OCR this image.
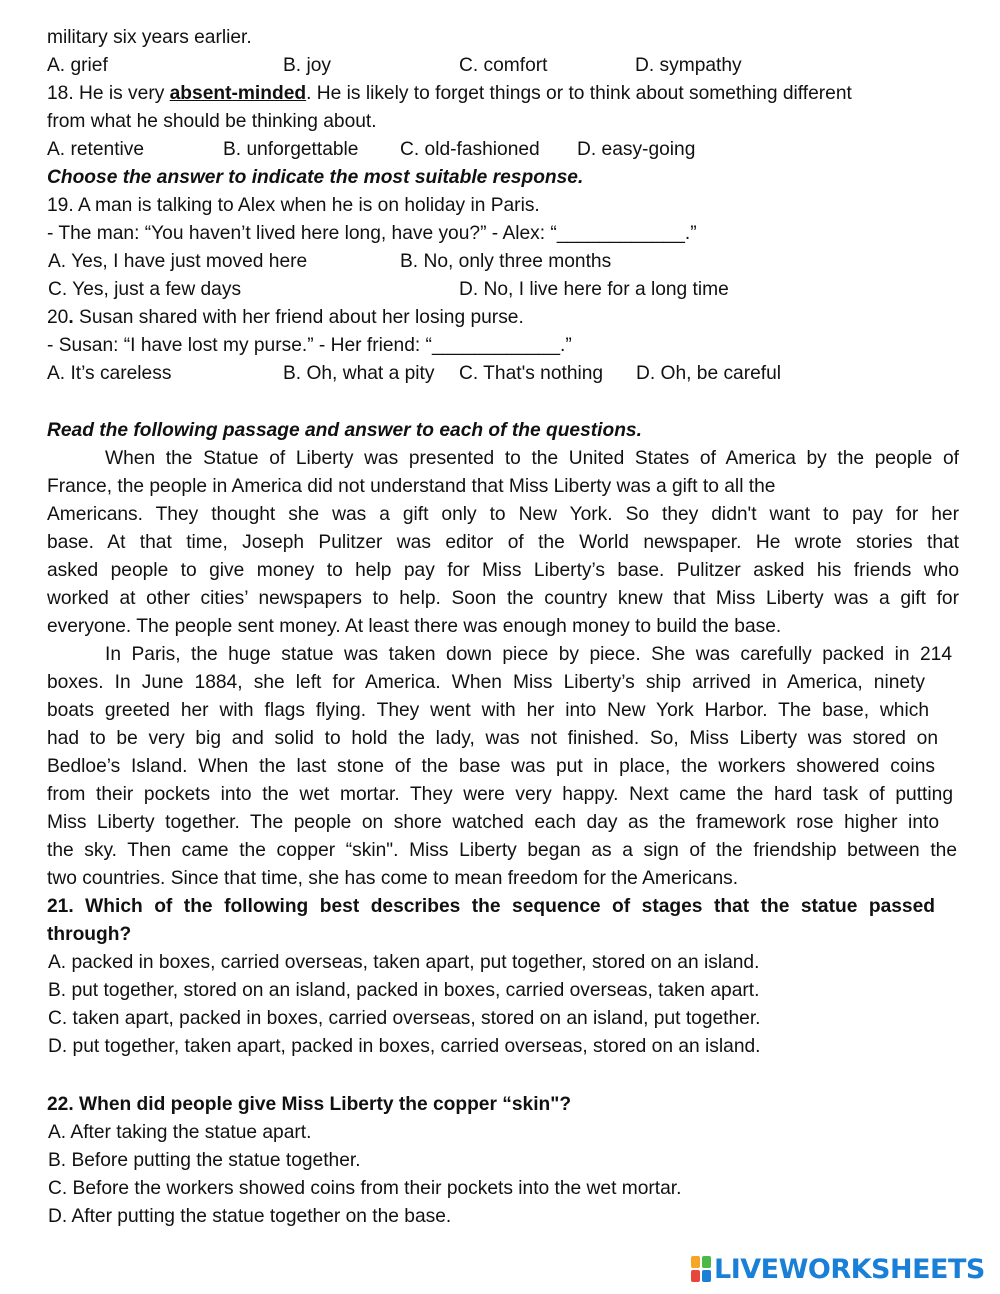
military six years earlier.
A. grief	B. joy	C. comfort	D. sympathy
18. He is very absent-minded. He is likely to forget things or to think about something different
from what he should be thinking about.
A. retentive	B. unforgettable C. old-fashioned D. easy-going
Choose the answer to indicate the most suitable response.
19. A man is talking to Alex when he is on holiday in Paris.
- The man: “You haven’t lived here long, have you?” - Alex: “____________.”
A. Yes, I have just moved here	B. No, only three months
C. Yes, just a few days	D. No, I live here for a long time
20. Susan shared with her friend about her losing purse.
- Susan: “I have lost my purse.” - Her friend: “____________.”
A. It’s careless	B. Oh, what a pity C. That's nothing D. Oh, be careful
Read the following passage and answer to each of the questions.
When the Statue of Liberty was presented to the United States of America by the people of
France, the people in America did not understand that Miss Liberty was a gift to all the
Americans. They thought she was a gift only to New York. So they didn't want to pay for her
base. At that time, Joseph Pulitzer was editor of the World newspaper. He wrote stories that
asked people to give money to help pay for Miss Liberty’s base. Pulitzer asked his friends who
worked at other cities’ newspapers to help. Soon the country knew that Miss Liberty was a gift for
everyone. The people sent money. At least there was enough money to build the base.
In Paris, the huge statue was taken down piece by piece. She was carefully packed in 214
boxes. In June 1884, she left for America. When Miss Liberty’s ship arrived in America, ninety
boats greeted her with flags flying. They went with her into New York Harbor. The base, which
had to be very big and solid to hold the lady, was not finished. So, Miss Liberty was stored on
Bedloe’s Island. When the last stone of the base was put in place, the workers showered coins
from their pockets into the wet mortar. They were very happy. Next came the hard task of putting
Miss Liberty together. The people on shore watched each day as the framework rose higher into
the sky. Then came the copper “skin". Miss Liberty began as a sign of the friendship between the
two countries. Since that time, she has come to mean freedom for the Americans.
21. Which of the following best describes the sequence of stages that the statue passed
through?
A. packed in boxes, carried overseas, taken apart, put together, stored on an island.
B. put together, stored on an island, packed in boxes, carried overseas, taken apart.
C. taken apart, packed in boxes, carried overseas, stored on an island, put together.
D. put together, taken apart, packed in boxes, carried overseas, stored on an island.
22. When did people give Miss Liberty the copper “skin"?
A. After taking the statue apart.
B. Before putting the statue together.
C. Before the workers showed coins from their pockets into the wet mortar.
D. After putting the statue together on the base.
LIVEWORKSHEETS
